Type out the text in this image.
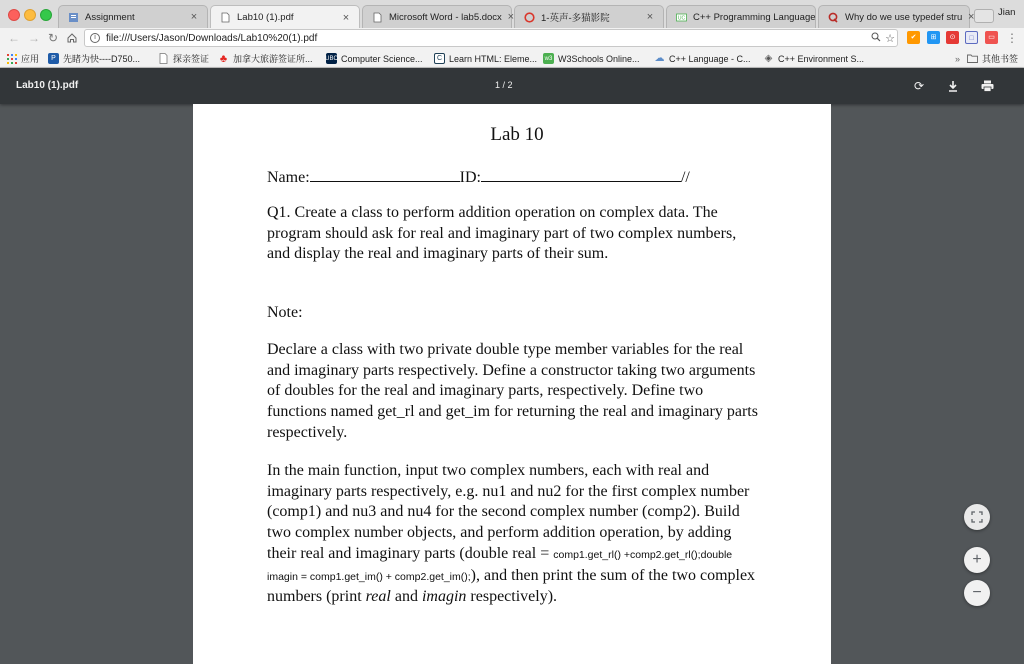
Assignment	×	Lab10 (1).pdf	×	Microsoft Word - lab5.docx ×	1-英声-多猫影院	×	UC C++ Programming Language	Why do we use typedef stru × Jian
← → ↻	i	file:///Users/Jason/Downloads/Lab10%20(1).pdf	☆	✔	⊞	⊙	□	▭ ⋮
应用	P 先睹为快----D750...	探亲签证 ♣ 加拿大旅游签证所... UBC Computer Science...	C Learn HTML: Eleme... w3 W3Schools Online... ☁ C++ Language - C... ◈ C++ Environment S...	» 其他书签
Lab10 (1).pdf	1 / 2	⟳
Lab 10
Name:	ID:	//
Q1. Create a class to perform addition operation on complex data. The program should ask for real and imaginary part of two complex numbers, and display the real and imaginary parts of their sum.
Note:
Declare a class with two private double type member variables for the real and imaginary parts respectively. Define a constructor taking two arguments of doubles for the real and imaginary parts, respectively. Define two functions named get_rl and get_im for returning the real and imaginary parts respectively.
In the main function, input two complex numbers, each with real and imaginary parts respectively, e.g. nu1 and nu2 for the first complex number (comp1) and nu3 and nu4 for the second complex number (comp2). Build two complex number objects, and perform addition operation, by adding their real and imaginary parts (double real = comp1.get_rl() +comp2.get_rl();double imagin = comp1.get_im() + comp2.get_im();), and then print the sum of the two complex numbers (print real and imagin respectively).
+
−
